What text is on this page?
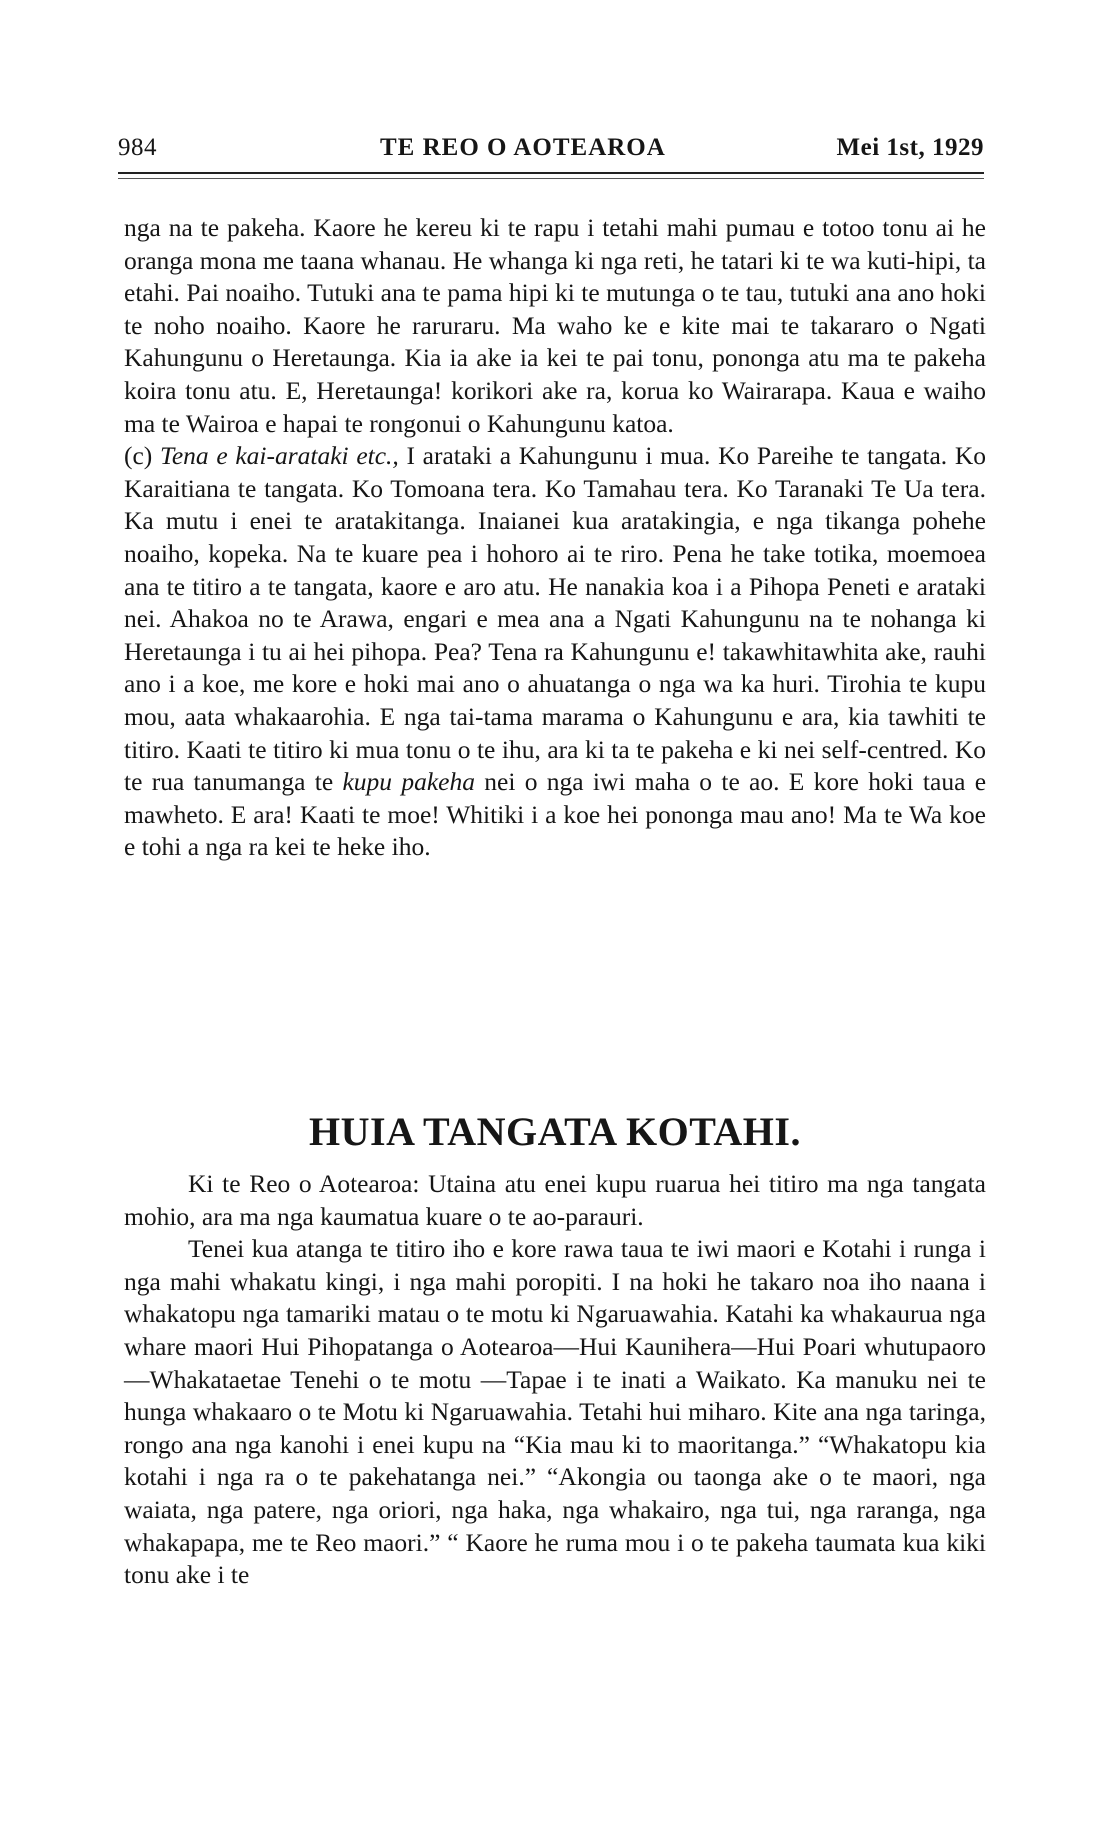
984	TE REO O AOTEAROA	Mei 1st, 1929

nga na te pakeha. Kaore he kereu ki te rapu i tetahi mahi pumau e totoo tonu ai he oranga mona me taana whanau. He whanga ki nga reti, he tatari ki te wa kuti-hipi, ta etahi. Pai noaiho. Tutuki ana te pama hipi ki te mutunga o te tau, tutuki ana ano hoki te noho noaiho. Kaore he raruraru. Ma waho ke e kite mai te takararo o Ngati Kahungunu o Heretaunga. Kia ia ake ia kei te pai tonu, pononga atu ma te pakeha koira tonu atu. E, Heretaunga! korikori ake ra, korua ko Wairarapa. Kaua e waiho ma te Wairoa e hapai te rongonui o Kahungunu katoa.

(c) Tena e kai-arataki etc., I arataki a Kahungunu i mua. Ko Pareihe te tangata. Ko Karaitiana te tangata. Ko Tomoana tera. Ko Tamahau tera. Ko Taranaki Te Ua tera. Ka mutu i enei te aratakitanga. Inaianei kua aratakingia, e nga tikanga pohehe noaiho, kopeka. Na te kuare pea i hohoro ai te riro. Pena he take totika, moemoea ana te titiro a te tangata, kaore e aro atu. He nanakia koa i a Pihopa Peneti e arataki nei. Ahakoa no te Arawa, engari e mea ana a Ngati Kahungunu na te nohanga ki Heretaunga i tu ai hei pihopa. Pea? Tena ra Kahungunu e! takawhitawhita ake, rauhi ano i a koe, me kore e hoki mai ano o ahuatanga o nga wa ka huri. Tirohia te kupu mou, aata whakaarohia. E nga tai-tama marama o Kahungunu e ara, kia tawhiti te titiro. Kaati te titiro ki mua tonu o te ihu, ara ki ta te pakeha e ki nei self-centred. Ko te rua tanumanga te kupu pakeha nei o nga iwi maha o te ao. E kore hoki taua e mawheto. E ara! Kaati te moe! Whitiki i a koe hei pononga mau ano! Ma te Wa koe e tohi a nga ra kei te heke iho.

HUIA TANGATA KOTAHI.

Ki te Reo o Aotearoa: Utaina atu enei kupu ruarua hei titiro ma nga tangata mohio, ara ma nga kaumatua kuare o te ao-parauri.

Tenei kua atanga te titiro iho e kore rawa taua te iwi maori e Kotahi i runga i nga mahi whakatu kingi, i nga mahi poropiti. I na hoki he takaro noa iho naana i whakatopu nga tamariki matau o te motu ki Ngaruawahia. Katahi ka whakaurua nga whare maori Hui Pihopatanga o Aotearoa—Hui Kaunihera—Hui Poari whutupaoro—Whakataetae Tenehi o te motu —Tapae i te inati a Waikato. Ka manuku nei te hunga whakaaro o te Motu ki Ngaruawahia. Tetahi hui miharo. Kite ana nga taringa, rongo ana nga kanohi i enei kupu na “Kia mau ki to maoritanga.” “Whakatopu kia kotahi i nga ra o te pakehatanga nei.” “Akongia ou taonga ake o te maori, nga waiata, nga patere, nga oriori, nga haka, nga whakairo, nga tui, nga raranga, nga whakapapa, me te Reo maori.” “ Kaore he ruma mou i o te pakeha taumata kua kiki tonu ake i te
